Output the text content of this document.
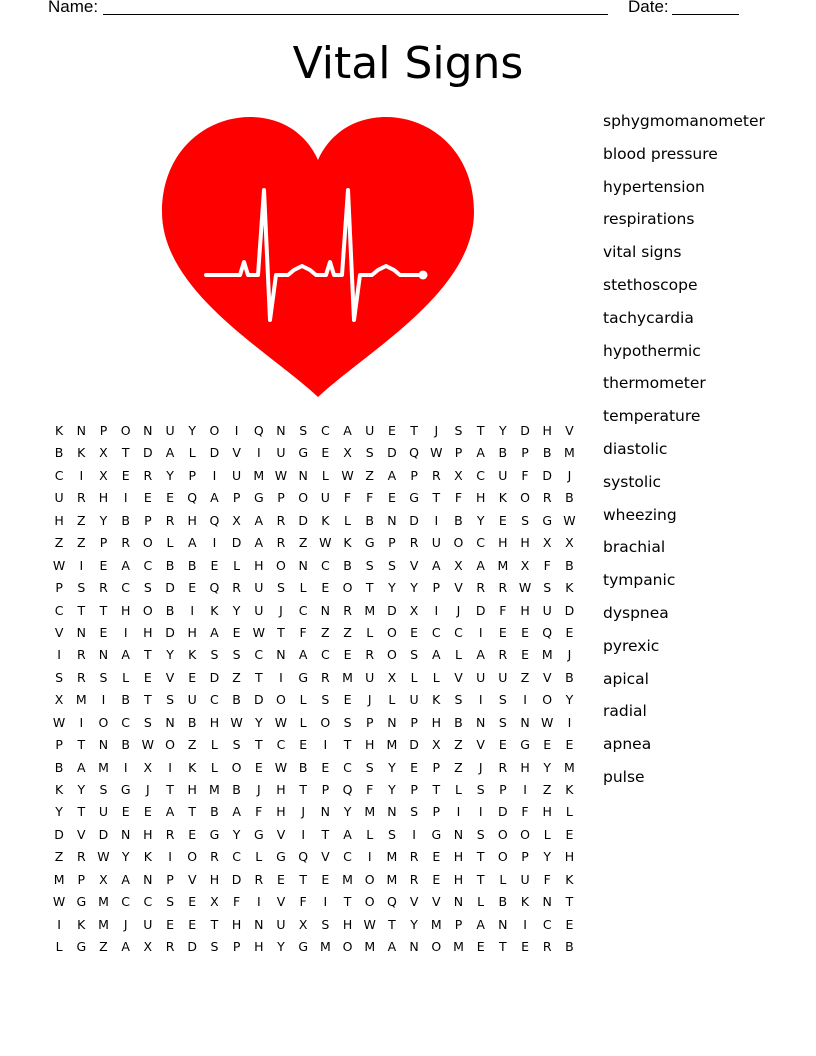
Name:	Date:
Vital Signs
K	N	P	O	N	U	Y	O	I	Q	N	S	C	A	U	E	T	J	S	T	Y	D	H	V
B	K	X	T	D	A	L	D	V	I	U	G	E	X	S	D Q W P	A	B	P	B	M
C	I	X	E	R	Y	P	I	U M W N	L	W Z	A	P	R	X	C	U	F	D	J
U	R	H	I	E	E	Q	A	P	G	P	O	U	F	F	E	G	T	F	H	K	O	R	B
H	Z	Y	B	P	R	H	Q	X	A	R	D	K	L	B	N	D	I	B	Y	E	S	G W
Z	Z	P	R	O	L	A	I	D	A	R	Z W K	G	P	R	U	O	C	H	H	X	X
W	I	E	A	C	B	B	E	L	H	O	N	C	B	S	S	V	A	X	A	M	X	F	B
P	S	R	C	S	D	E	Q	R	U	S	L	E	O	T	Y	Y	P	V	R	R W S	K
C	T	T	H	O	B	I	K	Y	U	J	C	N	R M D	X	I	J	D	F	H	U	D
V	N	E	I	H	D	H	A	E W T	F	Z	Z	L	O	E	C	C	I	E	E	Q	E
I	R	N	A	T	Y	K	S	S	C	N	A	C	E	R	O	S	A	L	A	R	E	M	J
S	R	S	L	E	V	E	D	Z	T	I	G	R M U	X	L	L	V	U	U	Z	V	B
X	M	I	B	T	S	U	C	B	D O	L	S	E	J	L	U	K	S	I	S	I	O	Y
W	I	O	C	S	N	B	H W Y W	L	O	S	P	N	P	H	B	N	S	N W	I
P	T	N	B W O	Z	L	S	T	C	E	I	T	H M D	X	Z	V	E	G	E	E
B	A	M	I	X	I	K	L	O	E W B	E	C	S	Y	E	P	Z	J	R	H	Y	M
K	Y	S	G	J	T	H M	B	J	H	T	P	Q	F	Y	P	T	L	S	P	I	Z	K
Y	T	U	E	E	A	T	B	A	F	H	J	N	Y	M N	S	P	I	I	D	F	H	L
D	V	D	N	H	R	E	G	Y	G	V	I	T	A	L	S	I	G	N	S	O O	L	E
Z	R W Y	K	I	O	R	C	L	G Q	V	C	I	M R	E	H	T	O	P	Y	H
M	P	X	A	N	P	V	H	D	R	E	T	E	M O M R	E	H	T	L	U	F	K
W G M C	C	S	E	X	F	I	V	F	I	T	O Q	V	V	N	L	B	K	N	T
I	K	M	J	U	E	E	T	H	N	U	X	S	H W T	Y	M	P	A	N	I	C	E
L	G	Z	A	X	R	D	S	P	H	Y	G M O M	A	N	O M	E	T	E	R	B
sphygmomanometer
blood pressure
hypertension
respirations
vital signs
stethoscope
tachycardia
hypothermic
thermometer
temperature
diastolic
systolic
wheezing
brachial
tympanic
dyspnea
pyrexic
apical
radial
apnea
pulse
